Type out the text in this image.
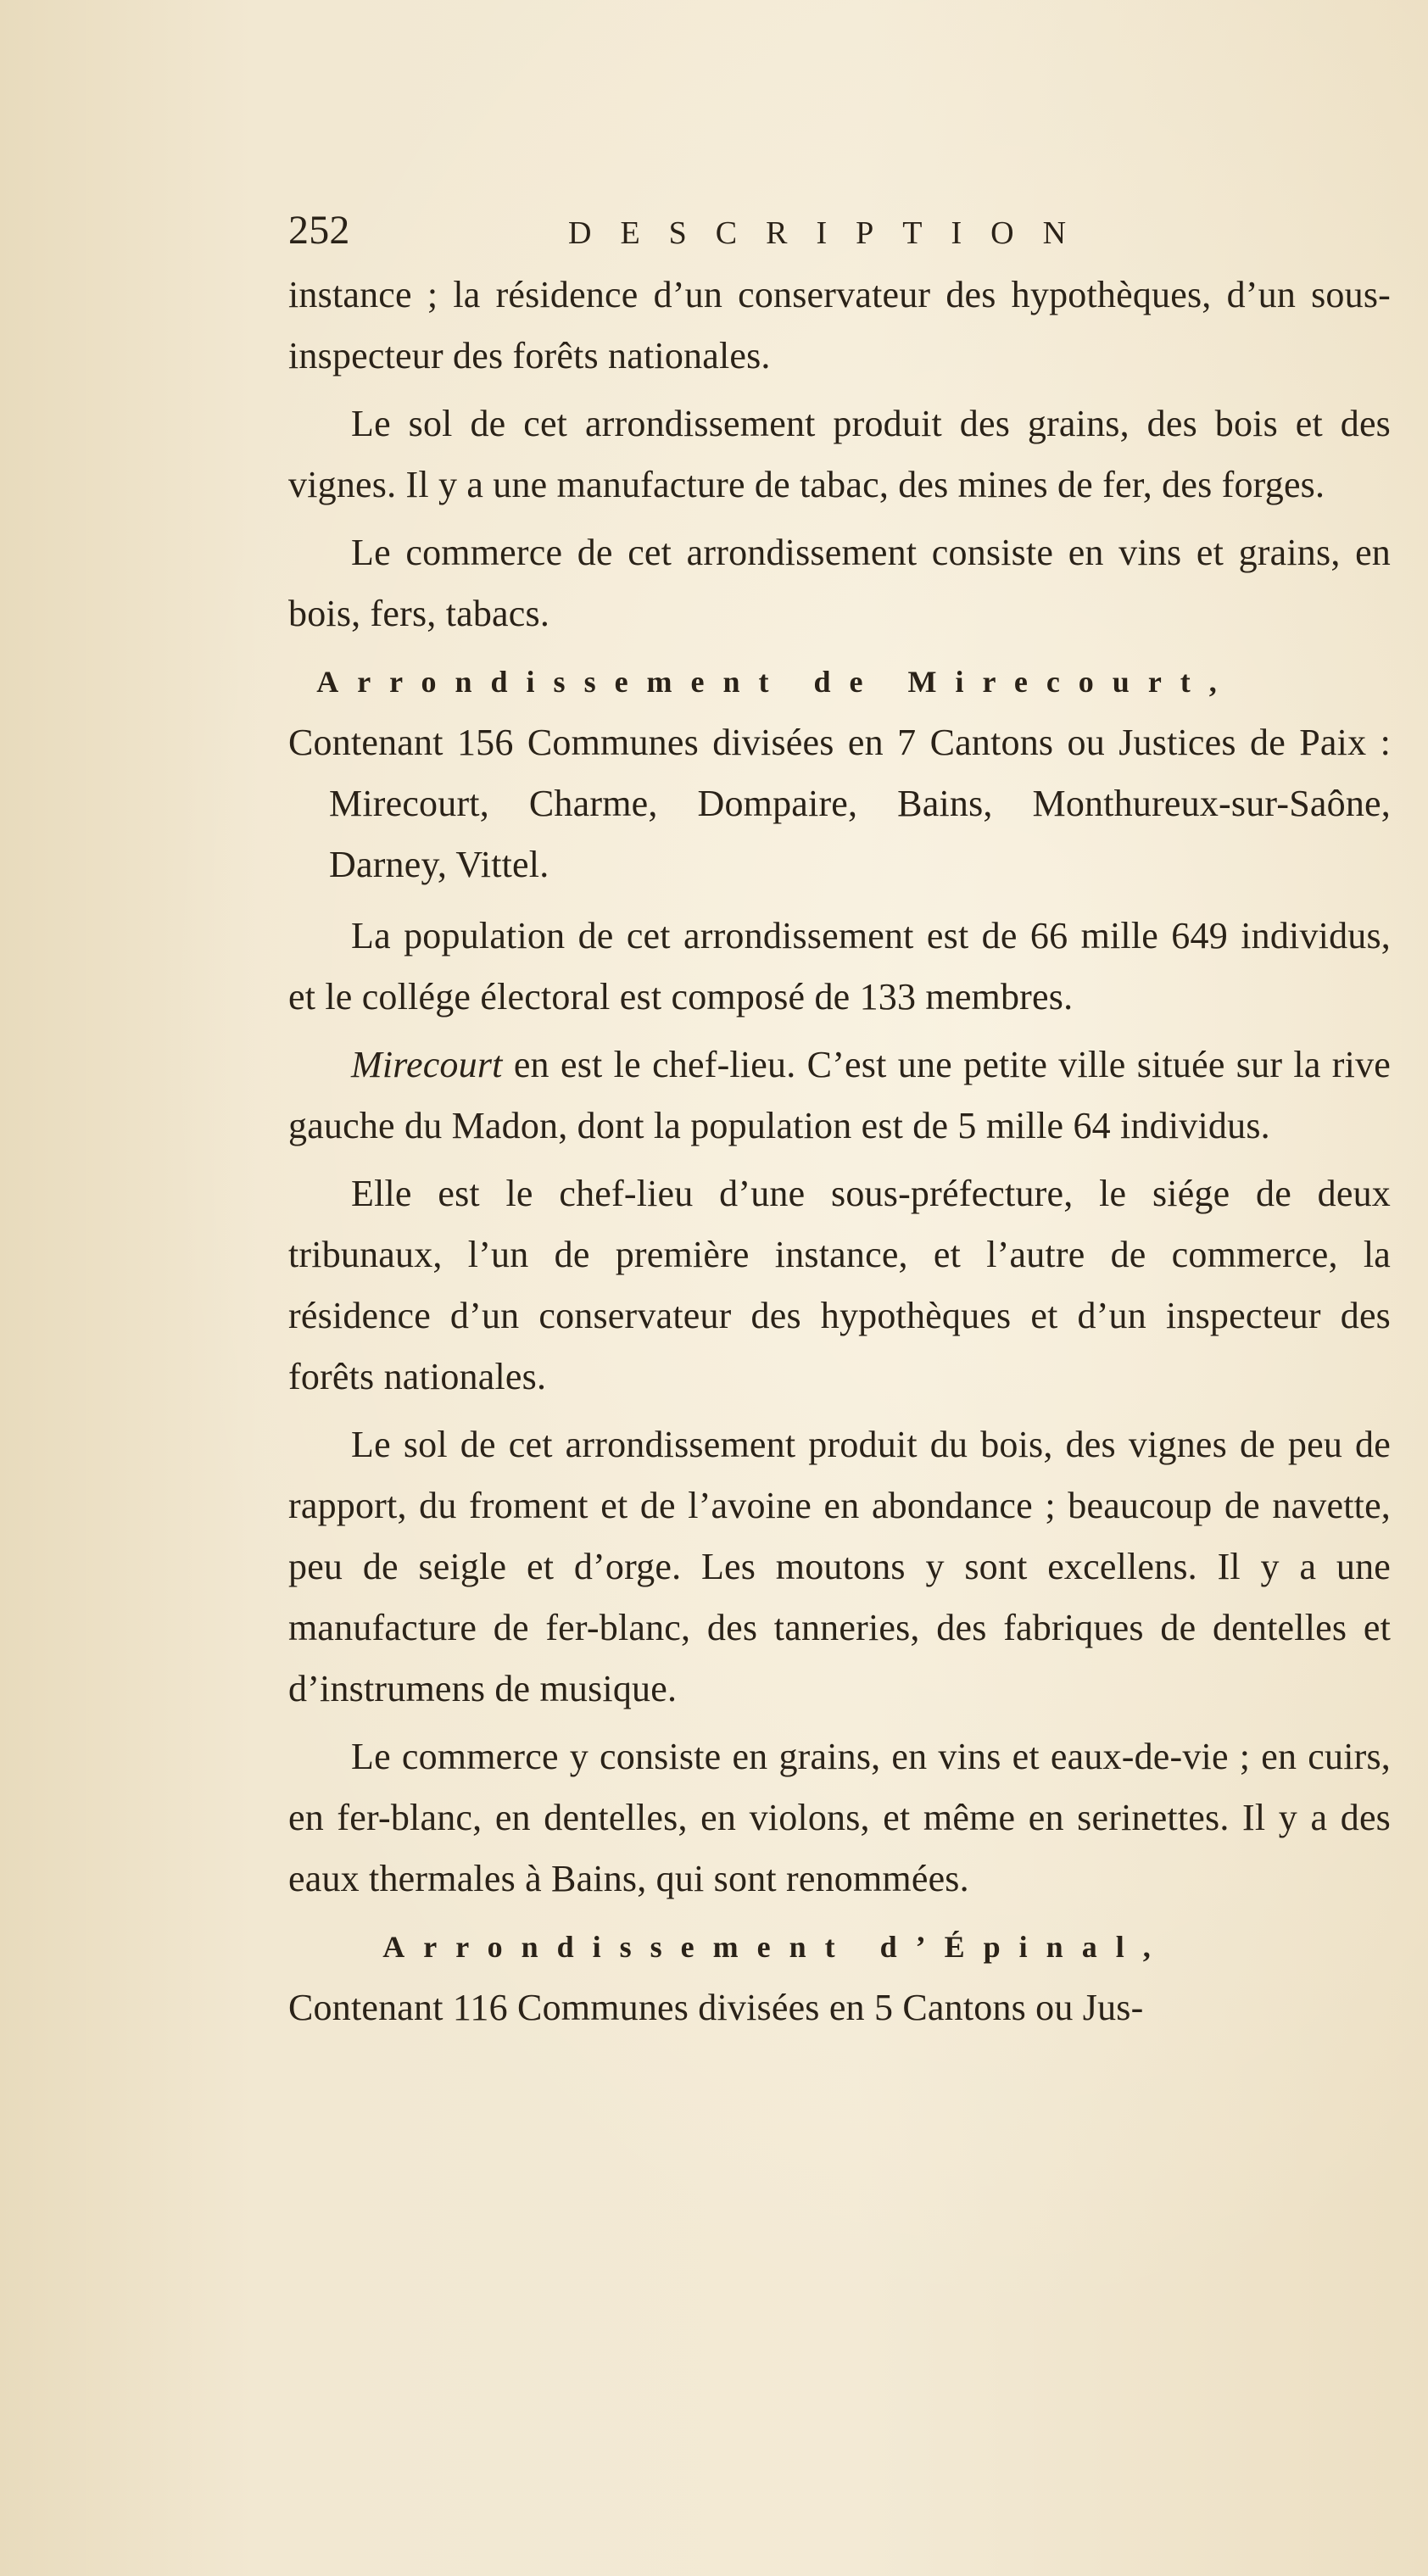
252	DESCRIPTION

instance ; la résidence d’un conservateur des hypothèques, d’un sous-inspecteur des forêts nationales.

Le sol de cet arrondissement produit des grains, des bois et des vignes. Il y a une manufacture de tabac, des mines de fer, des forges.

Le commerce de cet arrondissement consiste en vins et grains, en bois, fers, tabacs.

Arrondissement de Mirecourt,

Contenant 156 Communes divisées en 7 Cantons ou Justices de Paix : Mirecourt, Charme, Dompaire, Bains, Monthureux-sur-Saône, Darney, Vittel.

La population de cet arrondissement est de 66 mille 649 individus, et le collége électoral est composé de 133 membres.

Mirecourt en est le chef-lieu. C’est une petite ville située sur la rive gauche du Madon, dont la population est de 5 mille 64 individus.

Elle est le chef-lieu d’une sous-préfecture, le siége de deux tribunaux, l’un de première instance, et l’autre de commerce, la résidence d’un conservateur des hypothèques et d’un inspecteur des forêts nationales.

Le sol de cet arrondissement produit du bois, des vignes de peu de rapport, du froment et de l’avoine en abondance ; beaucoup de navette, peu de seigle et d’orge. Les moutons y sont excellens. Il y a une manufacture de fer-blanc, des tanneries, des fabriques de dentelles et d’instrumens de musique.

Le commerce y consiste en grains, en vins et eaux-de-vie ; en cuirs, en fer-blanc, en dentelles, en violons, et même en serinettes. Il y a des eaux thermales à Bains, qui sont renommées.

Arrondissement d’Épinal,

Contenant 116 Communes divisées en 5 Cantons ou Jus-
